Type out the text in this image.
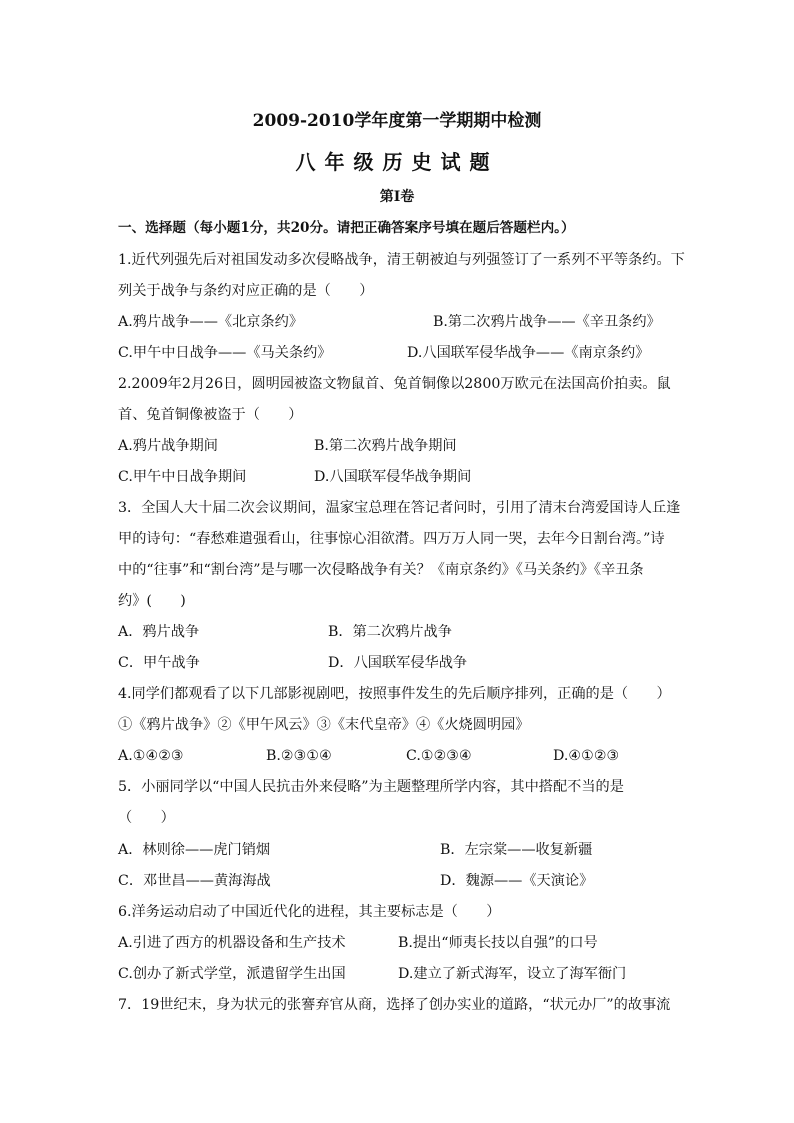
2009-2010学年度第一学期期中检测
八年级历史试题
第Ⅰ卷
一、选择题（每小题1分，共20分。请把正确答案序号填在题后答题栏内。）
1.近代列强先后对祖国发动多次侵略战争，清王朝被迫与列强签订了一系列不平等条约。下
列关于战争与条约对应正确的是（　　）
A.鸦片战争——《北京条约》	B.第二次鸦片战争——《辛丑条约》
C.甲午中日战争——《马关条约》	D.八国联军侵华战争——《南京条约》
2.2009年2月26日，圆明园被盗文物鼠首、兔首铜像以2800万欧元在法国高价拍卖。鼠
首、兔首铜像被盗于（　　）
A.鸦片战争期间	B.第二次鸦片战争期间
C.甲午中日战争期间	D.八国联军侵华战争期间
3．全国人大十届二次会议期间，温家宝总理在答记者问时，引用了清末台湾爱国诗人丘逢
甲的诗句：“春愁难遣强看山，往事惊心泪欲潸。四万万人同一哭，去年今日割台湾。”诗
中的“往事”和“割台湾”是与哪一次侵略战争有关？《南京条约》《马关条约》《辛丑条
约》(　　)
A．鸦片战争	B．第二次鸦片战争
C．甲午战争	D．八国联军侵华战争
4.同学们都观看了以下几部影视剧吧，按照事件发生的先后顺序排列，正确的是（　　）
①《鸦片战争》②《甲午风云》③《末代皇帝》④《火烧圆明园》
A.①④②③	B.②③①④	C.①②③④	D.④①②③
5．小丽同学以“中国人民抗击外来侵略”为主题整理所学内容，其中搭配不当的是
（　　）
A．林则徐——虎门销烟	B．左宗棠——收复新疆
C．邓世昌——黄海海战	D．魏源——《天演论》
6.洋务运动启动了中国近代化的进程，其主要标志是（　　）
A.引进了西方的机器设备和生产技术	B.提出“师夷长技以自强”的口号
C.创办了新式学堂，派遣留学生出国	D.建立了新式海军，设立了海军衙门
7．19世纪末，身为状元的张謇弃官从商，选择了创办实业的道路，“状元办厂”的故事流
